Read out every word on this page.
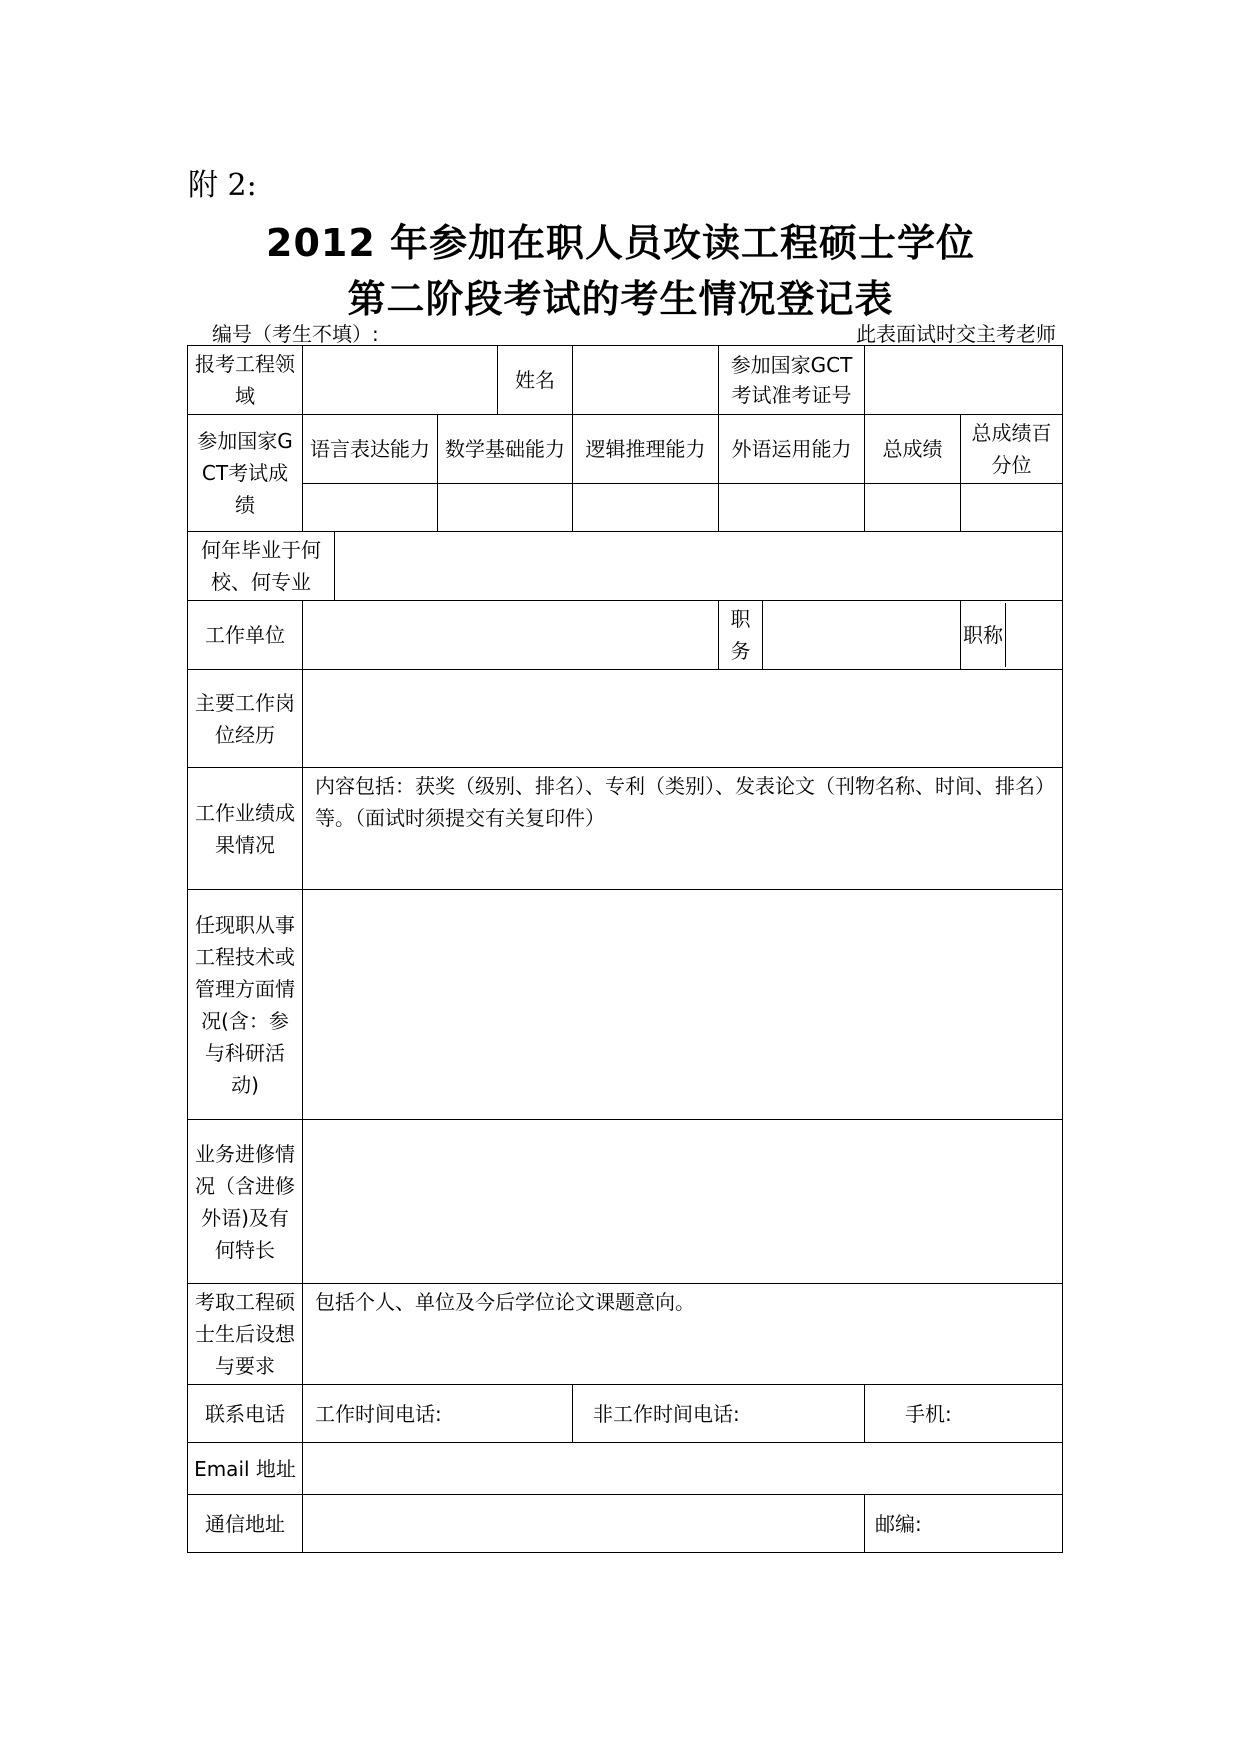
附 2:
2012 年参加在职人员攻读工程硕士学位
第二阶段考试的考生情况登记表
编号（考生不填）:	此表面试时交主考老师
报考工程领域				姓名		参加国家GCT考试准考证号			
参加国家GCT考试成绩	语言表达能力		数学基础能力		逻辑推理能力	外语运用能力		总成绩	总成绩百分位

何年毕业于何校、何专业									
工作单位						职务			职称

主要工作岗位经历									
工作业绩成果情况	内容包括：获奖（级别、排名）、专利（类别）、发表论文（刊物名称、时间、排名）等。（面试时须提交有关复印件）								
任现职从事工程技术或管理方面情况(含：参与科研活动)									
业务进修情况（含进修外语)及有何特长									
考取工程硕士生后设想与要求	包括个人、单位及今后学位论文课题意向。								
联系电话	工作时间电话:				非工作时间电话:			手机:	
Email 地址									
通信地址								邮编:	
